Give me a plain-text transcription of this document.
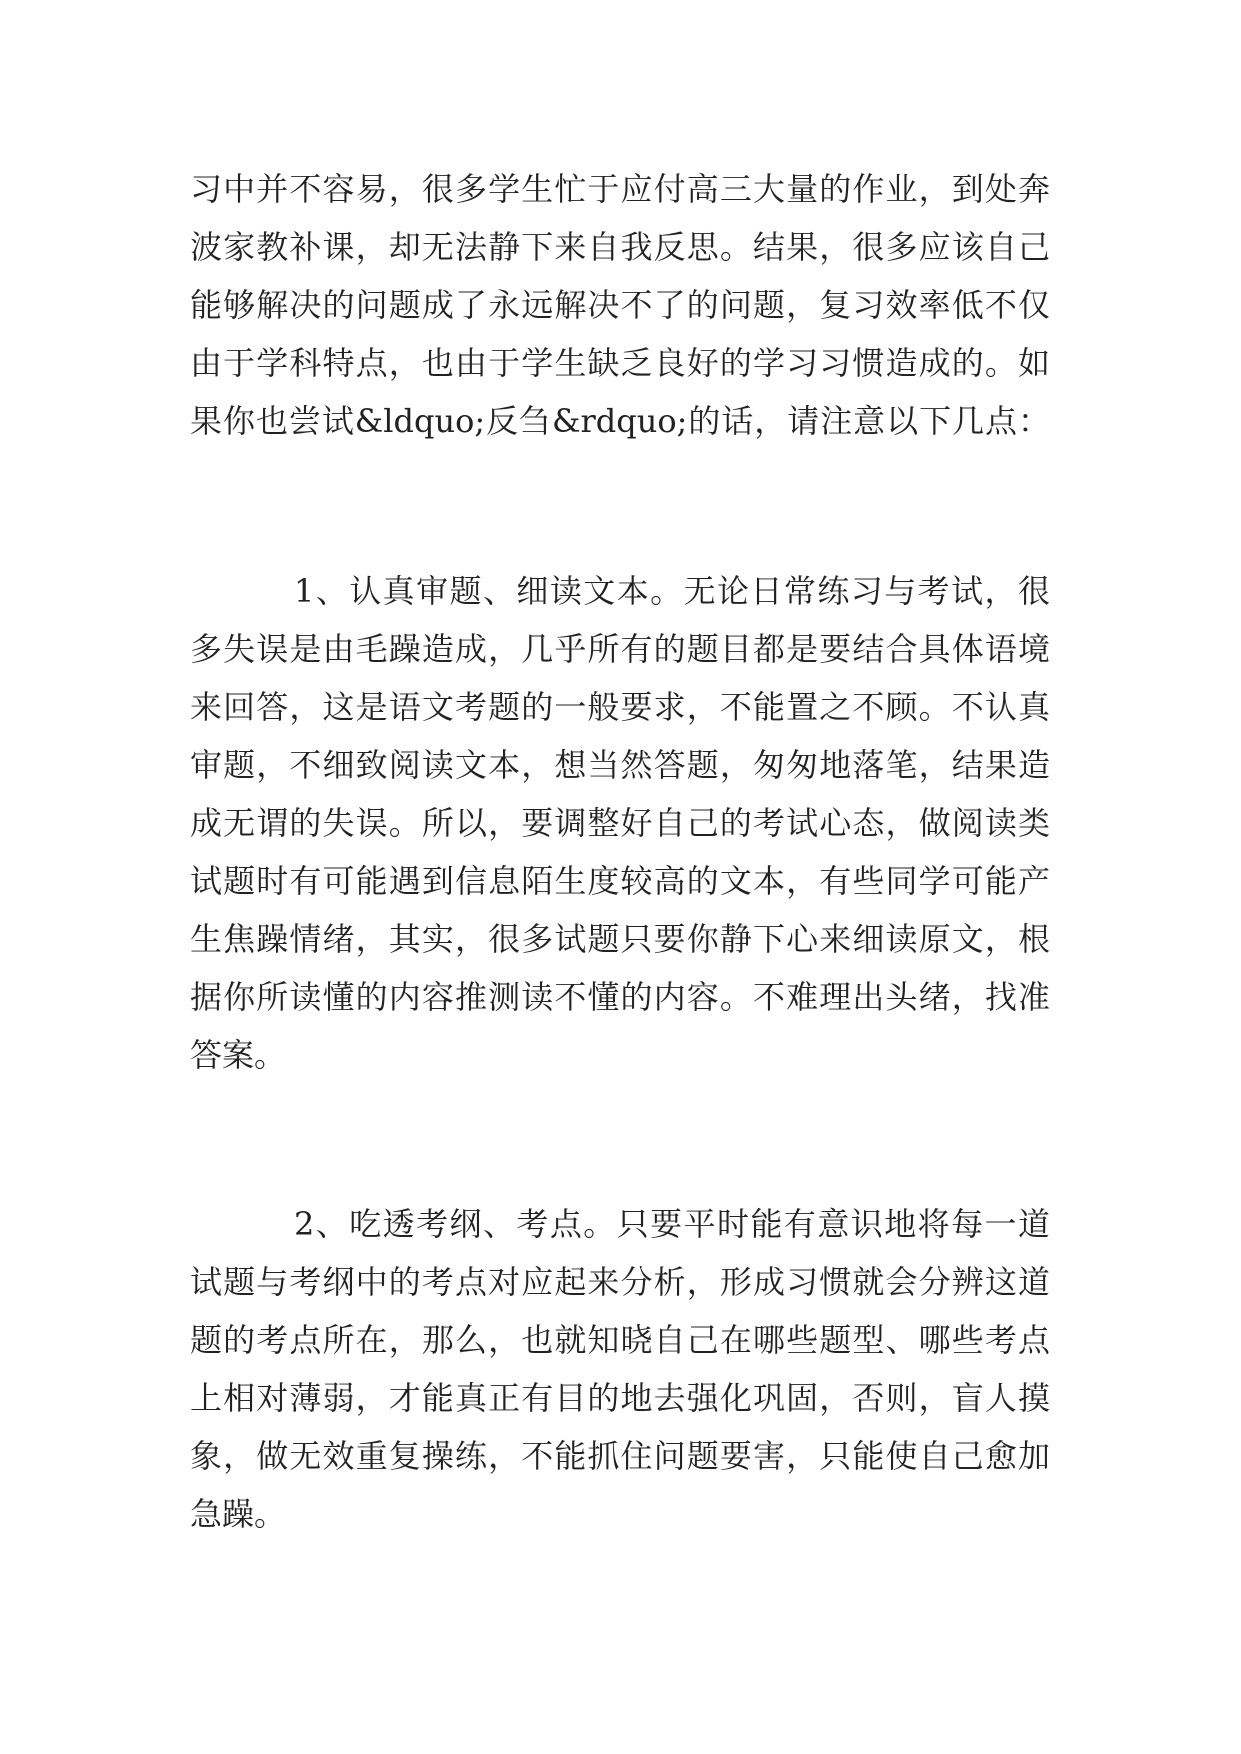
习中并不容易，很多学生忙于应付高三大量的作业，到处奔
波家教补课，却无法静下来自我反思。结果，很多应该自己
能够解决的问题成了永远解决不了的问题，复习效率低不仅
由于学科特点，也由于学生缺乏良好的学习习惯造成的。如
果你也尝试&ldquo;反刍&rdquo;的话，请注意以下几点：
1、认真审题、细读文本。无论日常练习与考试，很
多失误是由毛躁造成，几乎所有的题目都是要结合具体语境
来回答，这是语文考题的一般要求，不能置之不顾。不认真
审题，不细致阅读文本，想当然答题，匆匆地落笔，结果造
成无谓的失误。所以，要调整好自己的考试心态，做阅读类
试题时有可能遇到信息陌生度较高的文本，有些同学可能产
生焦躁情绪，其实，很多试题只要你静下心来细读原文，根
据你所读懂的内容推测读不懂的内容。不难理出头绪，找准
答案。
2、吃透考纲、考点。只要平时能有意识地将每一道
试题与考纲中的考点对应起来分析，形成习惯就会分辨这道
题的考点所在，那么，也就知晓自己在哪些题型、哪些考点
上相对薄弱，才能真正有目的地去强化巩固，否则，盲人摸
象，做无效重复操练，不能抓住问题要害，只能使自己愈加
急躁。
